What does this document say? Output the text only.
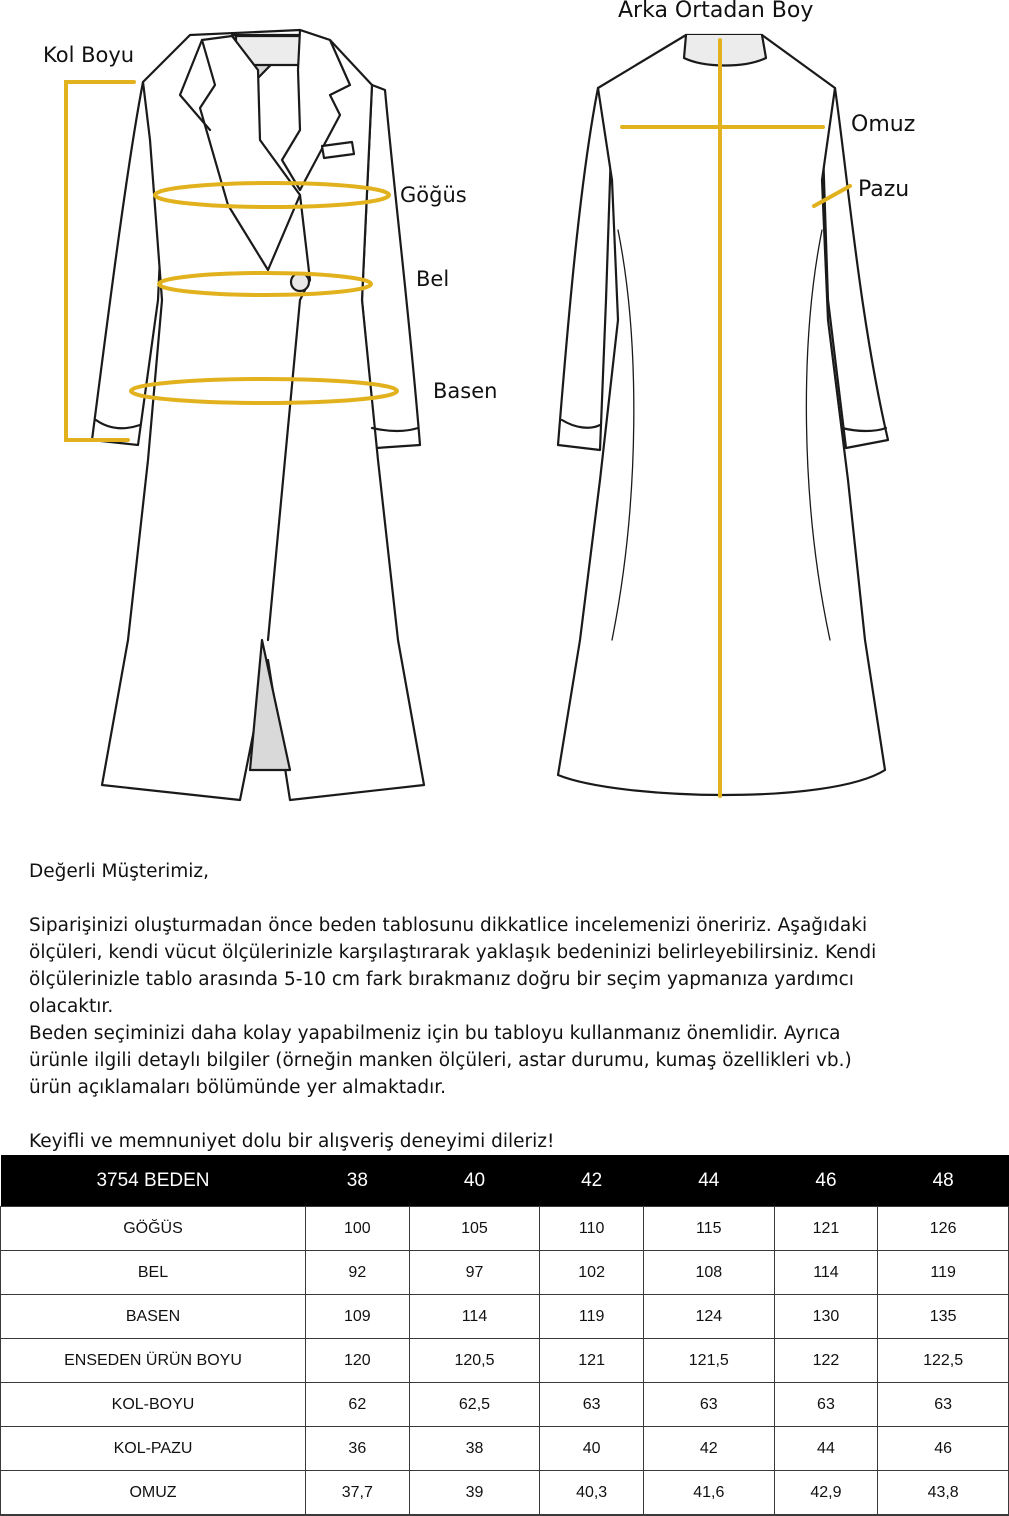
Kol Boyu
Göğüs
Bel
Basen
Arka Ortadan Boy
Omuz
Pazu

Değerli Müşterimiz,

Siparişinizi oluşturmadan önce beden tablosunu dikkatlice incelemenizi öneririz. Aşağıdaki

ölçüleri, kendi vücut ölçülerinizle karşılaştırarak yaklaşık bedeninizi belirleyebilirsiniz. Kendi

ölçülerinizle tablo arasında 5-10 cm fark bırakmanız doğru bir seçim yapmanıza yardımcı

olacaktır.

Beden seçiminizi daha kolay yapabilmeniz için bu tabloyu kullanmanız önemlidir. Ayrıca

ürünle ilgili detaylı bilgiler (örneğin manken ölçüleri, astar durumu, kumaş özellikleri vb.)

ürün açıklamaları bölümünde yer almaktadır.

Keyifli ve memnuniyet dolu bir alışveriş deneyimi dileriz!

3754 BEDEN	38	40	42	44	46	48
GÖĞÜS	100	105	110	115	121	126
BEL	92	97	102	108	114	119
BASEN	109	114	119	124	130	135
ENSEDEN ÜRÜN BOYU	120	120,5	121	121,5	122	122,5
KOL-BOYU	62	62,5	63	63	63	63
KOL-PAZU	36	38	40	42	44	46
OMUZ	37,7	39	40,3	41,6	42,9	43,8
